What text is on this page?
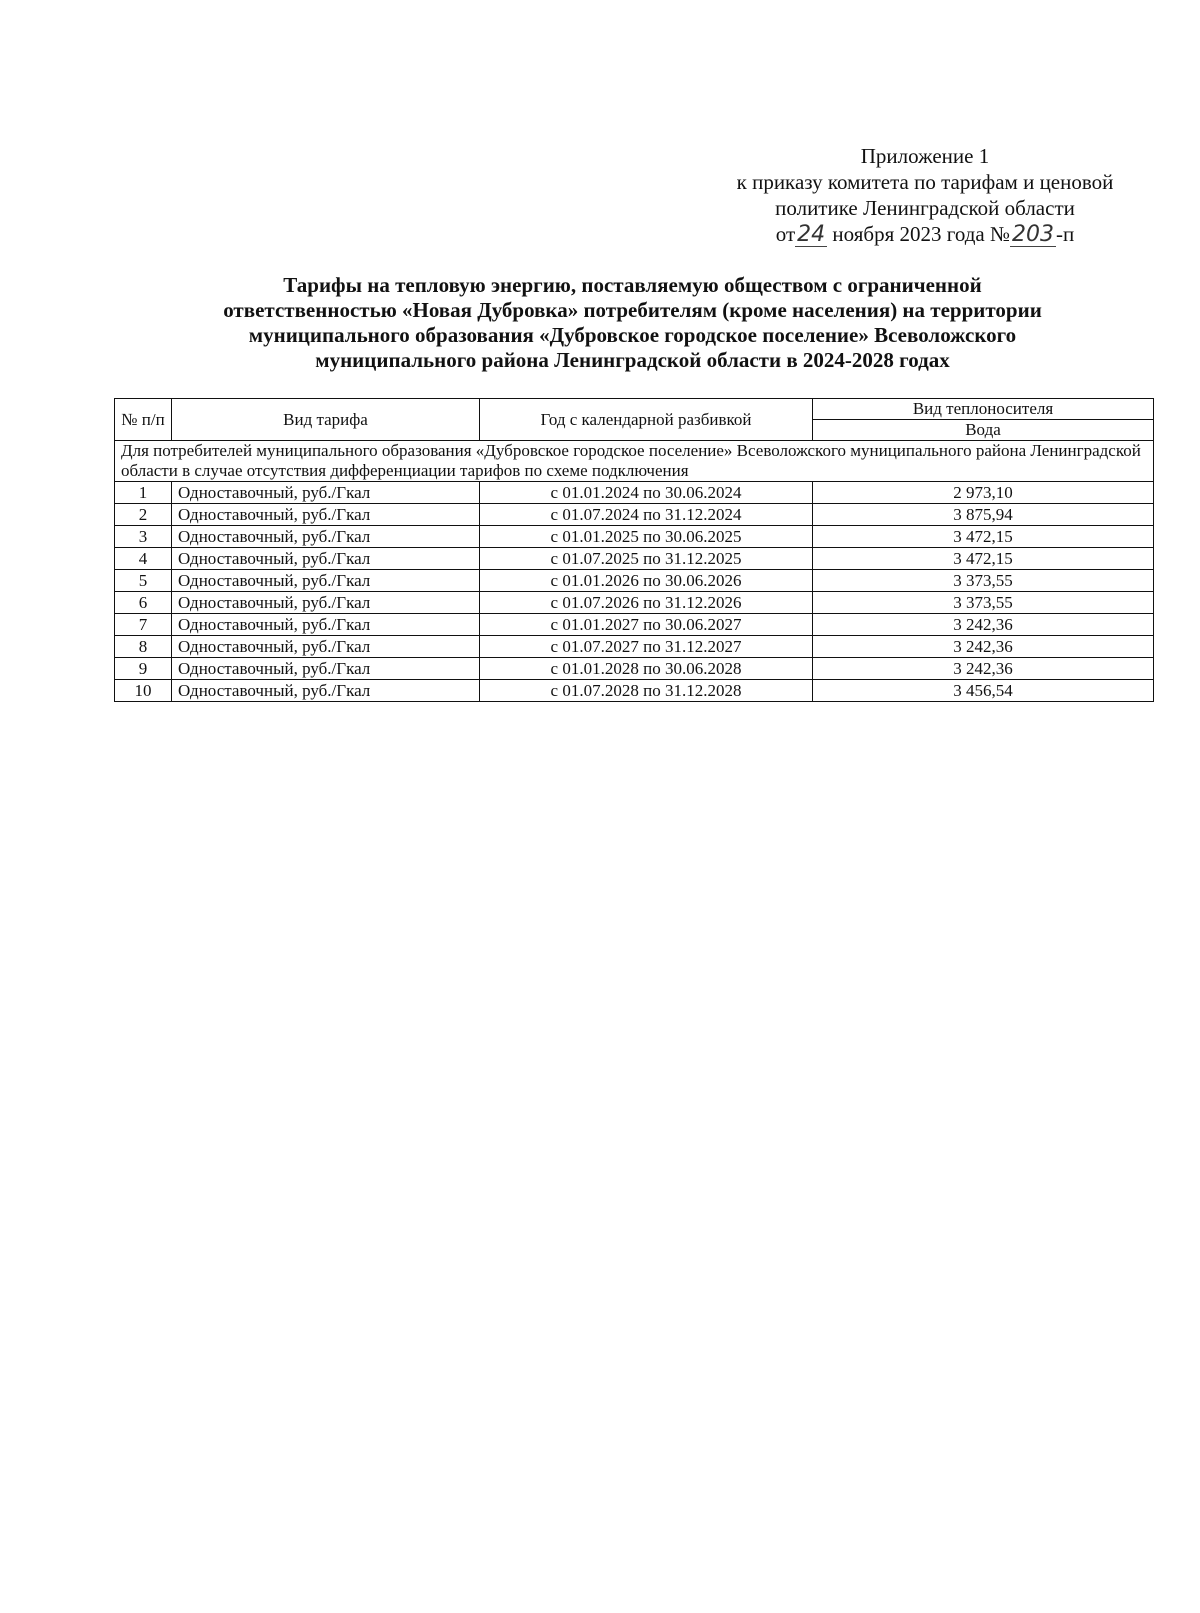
Приложение 1
к приказу комитета по тарифам и ценовой
политике Ленинградской области
от24 ноября 2023 года №203-п
Тарифы на тепловую энергию, поставляемую обществом с ограниченной
ответственностью «Новая Дубровка» потребителям (кроме населения) на территории
муниципального образования «Дубровское городское поселение» Всеволожского
муниципального района Ленинградской области в 2024-2028 годах
№ п/п	Вид тарифа	Год с календарной разбивкой	Вид теплоносителя
			Вода
Для потребителей муниципального образования «Дубровское городское поселение» Всеволожского муниципального района Ленинградской области в случае отсутствия дифференциации тарифов по схеме подключения			
1	Одноставочный, руб./Гкал	с 01.01.2024 по 30.06.2024	2 973,10
2	Одноставочный, руб./Гкал	с 01.07.2024 по 31.12.2024	3 875,94
3	Одноставочный, руб./Гкал	с 01.01.2025 по 30.06.2025	3 472,15
4	Одноставочный, руб./Гкал	с 01.07.2025 по 31.12.2025	3 472,15
5	Одноставочный, руб./Гкал	с 01.01.2026 по 30.06.2026	3 373,55
6	Одноставочный, руб./Гкал	с 01.07.2026 по 31.12.2026	3 373,55
7	Одноставочный, руб./Гкал	с 01.01.2027 по 30.06.2027	3 242,36
8	Одноставочный, руб./Гкал	с 01.07.2027 по 31.12.2027	3 242,36
9	Одноставочный, руб./Гкал	с 01.01.2028 по 30.06.2028	3 242,36
10	Одноставочный, руб./Гкал	с 01.07.2028 по 31.12.2028	3 456,54
